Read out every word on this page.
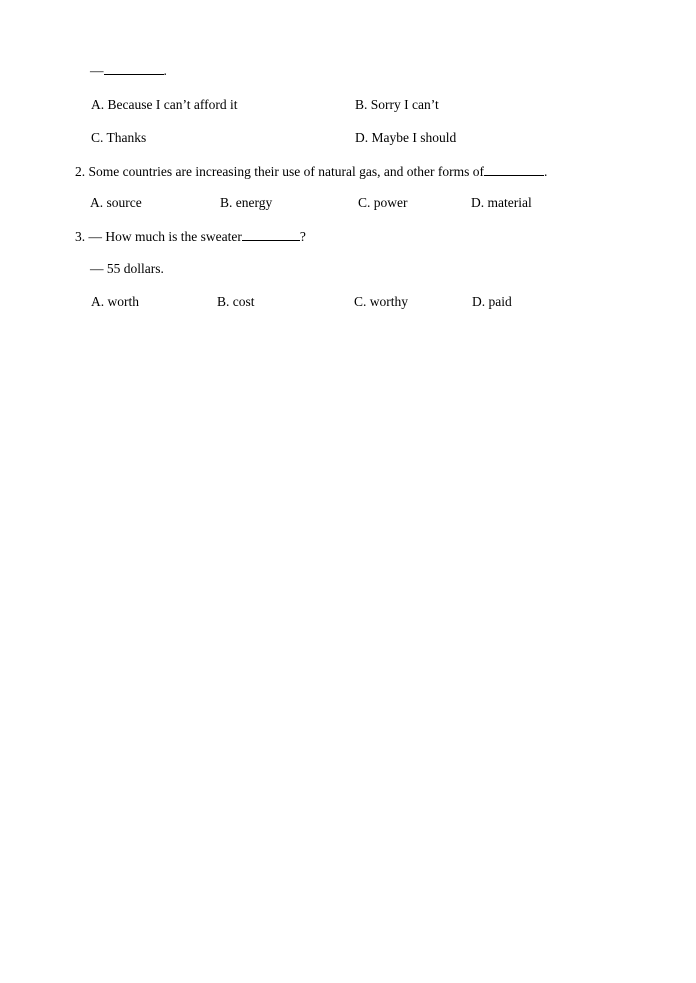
—	.
A. Because I can’t afford it	B. Sorry I can’t
C. Thanks	D. Maybe I should
2. Some countries are increasing their use of natural gas, and other forms of	.
A. source	B. energy	C. power	D. material
3. — How much is the sweater	?
— 55 dollars.
A. worth	B. cost	C. worthy	D. paid
